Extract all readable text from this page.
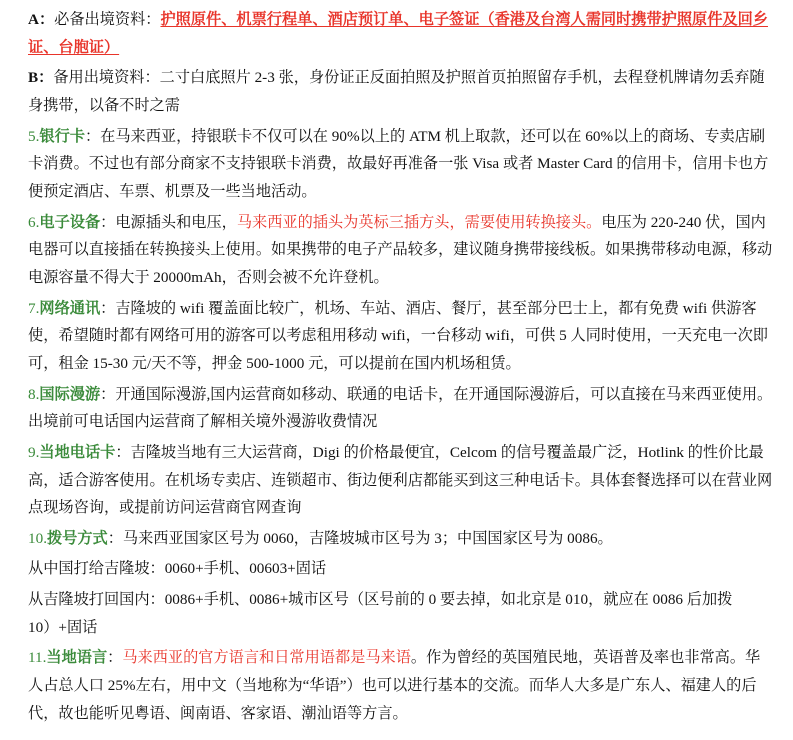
A：必备出境资料：护照原件、机票行程单、酒店预订单、电子签证（香港及台湾人需同时携带护照原件及回乡证、台胞证）

B：备用出境资料：二寸白底照片 2-3 张，身份证正反面拍照及护照首页拍照留存手机，去程登机牌请勿丢弃随身携带，以备不时之需

5.银行卡：在马来西亚，持银联卡不仅可以在 90%以上的 ATM 机上取款，还可以在 60%以上的商场、专卖店刷卡消费。不过也有部分商家不支持银联卡消费，故最好再准备一张 Visa 或者 Master Card 的信用卡，信用卡也方便预定酒店、车票、机票及一些当地活动。

6.电子设备：电源插头和电压，马来西亚的插头为英标三插方头，需要使用转换接头。电压为 220-240 伏，国内电器可以直接插在转换接头上使用。如果携带的电子产品较多，建议随身携带接线板。如果携带移动电源，移动电源容量不得大于 20000mAh，否则会被不允许登机。

7.网络通讯：吉隆坡的 wifi 覆盖面比较广，机场、车站、酒店、餐厅，甚至部分巴士上，都有免费 wifi 供游客使，希望随时都有网络可用的游客可以考虑租用移动 wifi，一台移动 wifi，可供 5 人同时使用，一天充电一次即可，租金 15-30 元/天不等，押金 500-1000 元，可以提前在国内机场租赁。

8.国际漫游：开通国际漫游,国内运营商如移动、联通的电话卡，在开通国际漫游后，可以直接在马来西亚使用。出境前可电话国内运营商了解相关境外漫游收费情况

9.当地电话卡：吉隆坡当地有三大运营商，Digi 的价格最便宜，Celcom 的信号覆盖最广泛，Hotlink 的性价比最高，适合游客使用。在机场专卖店、连锁超市、街边便利店都能买到这三种电话卡。具体套餐选择可以在营业网点现场咨询，或提前访问运营商官网查询

10.拨号方式：马来西亚国家区号为 0060，吉隆坡城市区号为 3；中国国家区号为 0086。

从中国打给吉隆坡：0060+手机、00603+固话

从吉隆坡打回国内：0086+手机、0086+城市区号（区号前的 0 要去掉，如北京是 010，就应在 0086 后加拨 10）+固话

11.当地语言：马来西亚的官方语言和日常用语都是马来语。作为曾经的英国殖民地，英语普及率也非常高。华人占总人口 25%左右，用中文（当地称为“华语”）也可以进行基本的交流。而华人大多是广东人、福建人的后代，故也能听见粤语、闽南语、客家语、潮汕语等方言。
